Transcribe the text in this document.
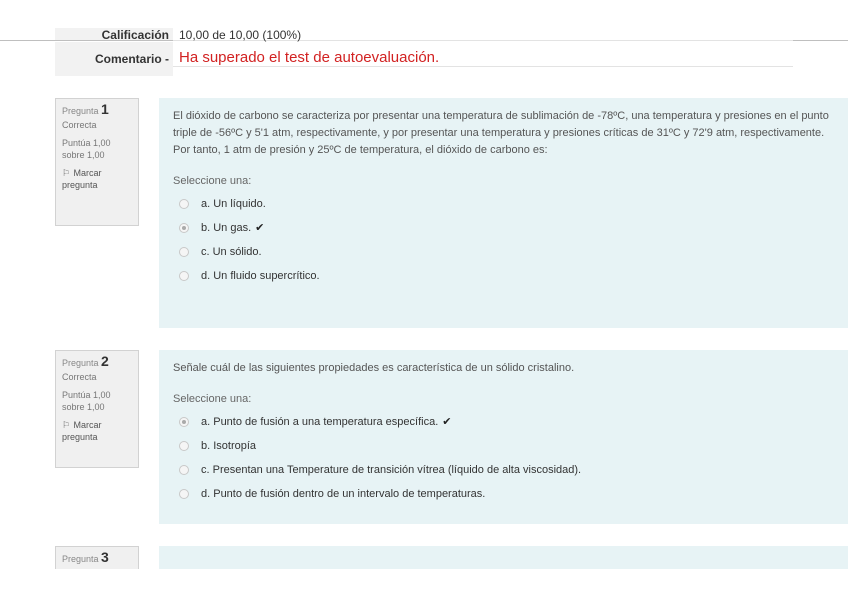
Calificación 10,00 de 10,00 (100%)
Comentario - Ha superado el test de autoevaluación.
Pregunta 1
Correcta
Puntúa 1,00 sobre 1,00
⚐ Marcar pregunta

El dióxido de carbono se caracteriza por presentar una temperatura de sublimación de -78ºC, una temperatura y presiones en el punto triple de -56ºC y 5'1 atm, respectivamente, y por presentar una temperatura y presiones críticas de 31ºC y 72'9 atm, respectivamente. Por tanto, 1 atm de presión y 25ºC de temperatura, el dióxido de carbono es:

Seleccione una:

a. Un líquido.
b. Un gas. ✔
c. Un sólido.
d. Un fluido supercrítico.
Pregunta 2
Correcta
Puntúa 1,00 sobre 1,00
⚐ Marcar pregunta

Señale cuál de las siguientes propiedades es característica de un sólido cristalino.

Seleccione una:

a. Punto de fusión a una temperatura específica. ✔
b. Isotropía
c. Presentan una Temperature de transición vítrea (líquido de alta viscosidad).
d. Punto de fusión dentro de un intervalo de temperaturas.
Pregunta 3
